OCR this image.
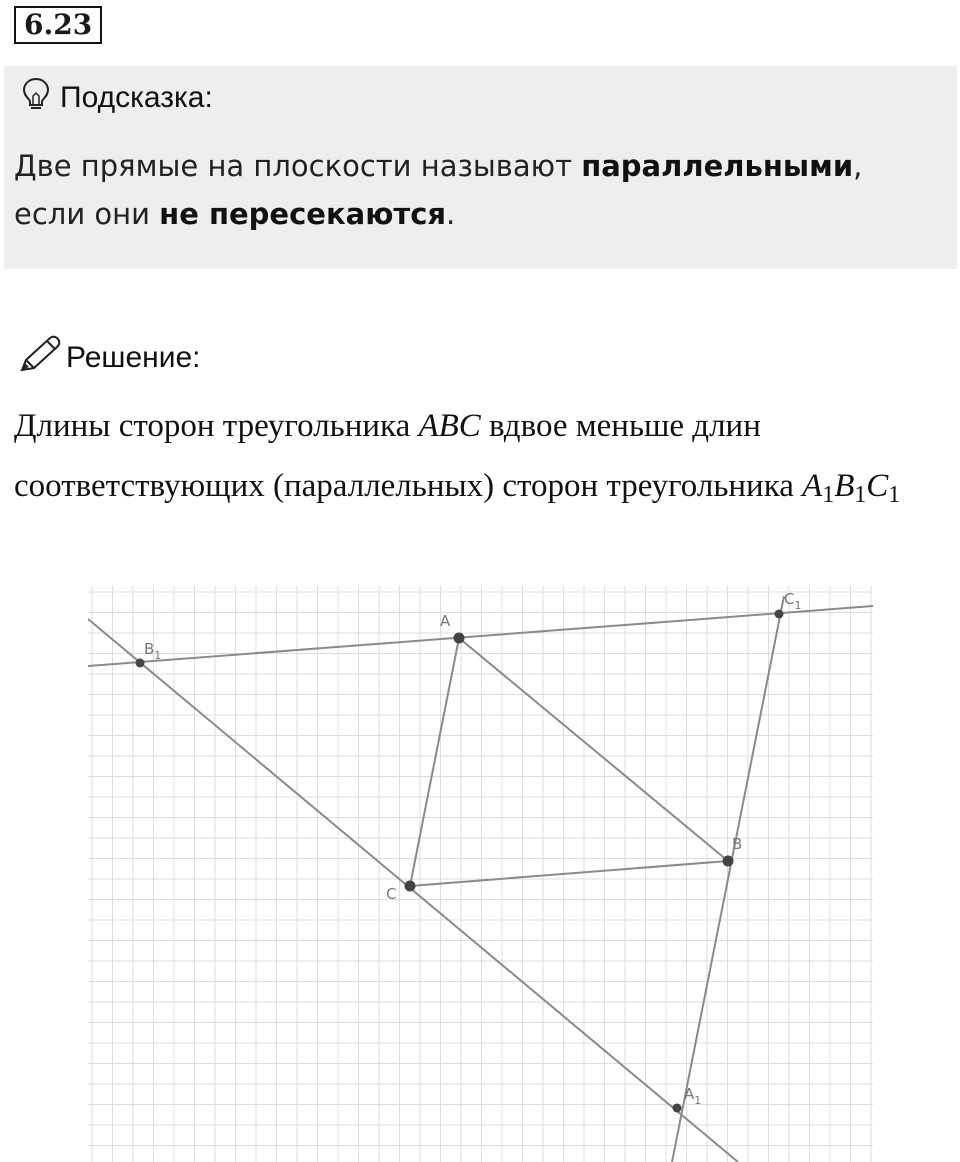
6.23
Подсказка:
Две прямые на плоскости называют параллельными, если они не пересекаются.
Решение:
Длины сторон треугольника ABC вдвое меньше длин соответствующих (параллельных) сторон треугольника $A_1B_1C_1$
A
B
C
$A_1$
$B_1$
$C_1$
